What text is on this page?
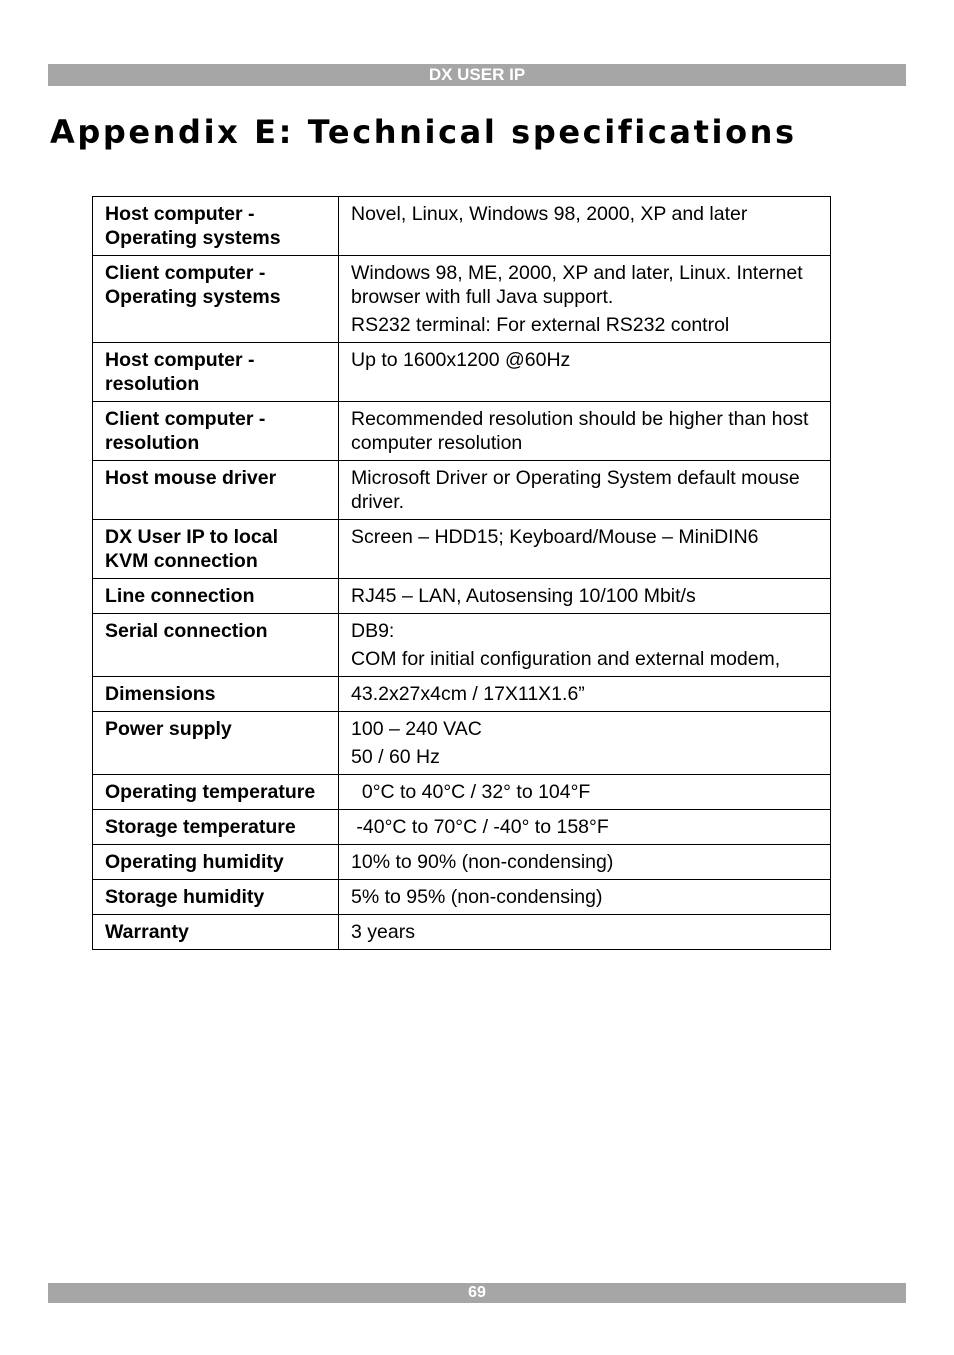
DX USER IP
Appendix E: Technical specifications
Host computer - Operating systems	Novel, Linux, Windows 98, 2000, XP and later

Client computer - Operating systems	Windows 98, ME, 2000, XP and later, Linux. Internet browser with full Java support.
RS232 terminal: For external RS232 control

Host computer - resolution	Up to 1600x1200 @60Hz

Client computer - resolution	Recommended resolution should be higher than host computer resolution

Host mouse driver	Microsoft Driver or Operating System default mouse driver.

DX User IP to local KVM connection	Screen – HDD15; Keyboard/Mouse – MiniDIN6

Line connection	RJ45 – LAN, Autosensing 10/100 Mbit/s

Serial connection	DB9:
COM for initial configuration and external modem,

Dimensions	43.2x27x4cm / 17X11X1.6”

Power supply	100 – 240 VAC
50 / 60 Hz

Operating temperature	0°C to 40°C / 32° to 104°F

Storage temperature	-40°C to 70°C / -40° to 158°F

Operating humidity	10% to 90% (non-condensing)

Storage humidity	5% to 95% (non-condensing)

Warranty	3 years
69
